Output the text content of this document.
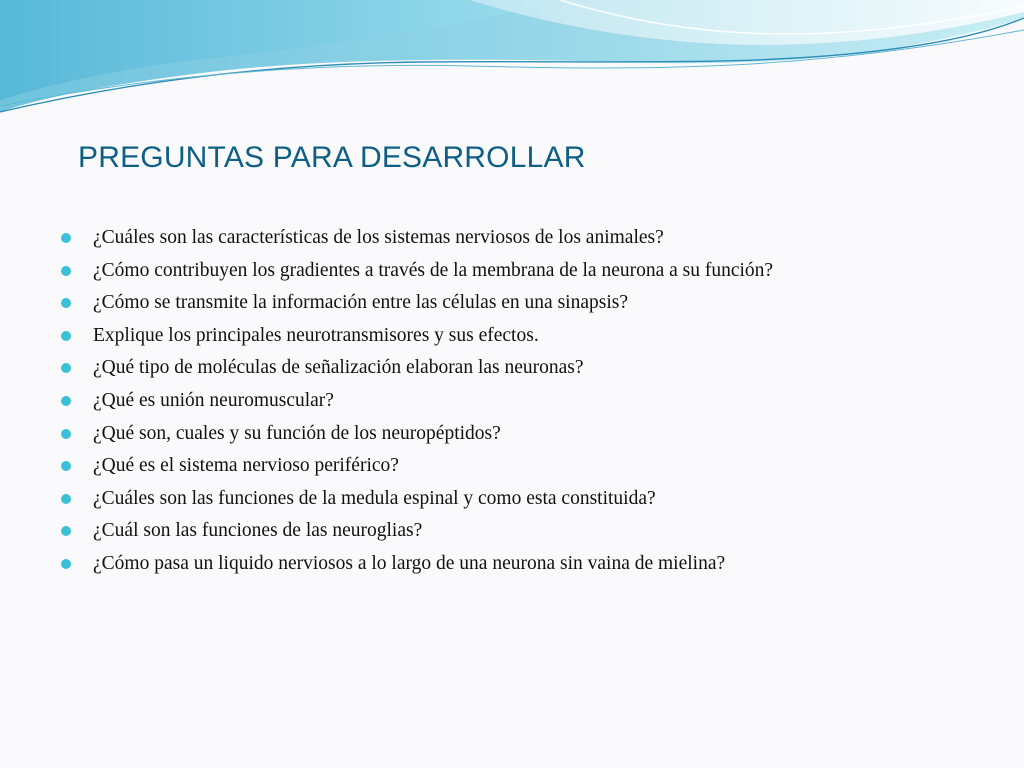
PREGUNTAS PARA DESARROLLAR
¿Cuáles son las características de los sistemas nerviosos de los animales?
¿Cómo contribuyen los gradientes a través de la membrana de la neurona a su función?
¿Cómo se transmite la información entre las células en una sinapsis?
Explique los principales neurotransmisores y sus efectos.
¿Qué tipo de moléculas de señalización elaboran las neuronas?
¿Qué es unión neuromuscular?
¿Qué son, cuales y su función de los neuropéptidos?
¿Qué es el sistema nervioso periférico?
¿Cuáles son las funciones de la medula espinal y como esta constituida?
¿Cuál son las funciones de las neuroglias?
¿Cómo pasa un liquido nerviosos a lo largo de una neurona sin vaina de mielina?
